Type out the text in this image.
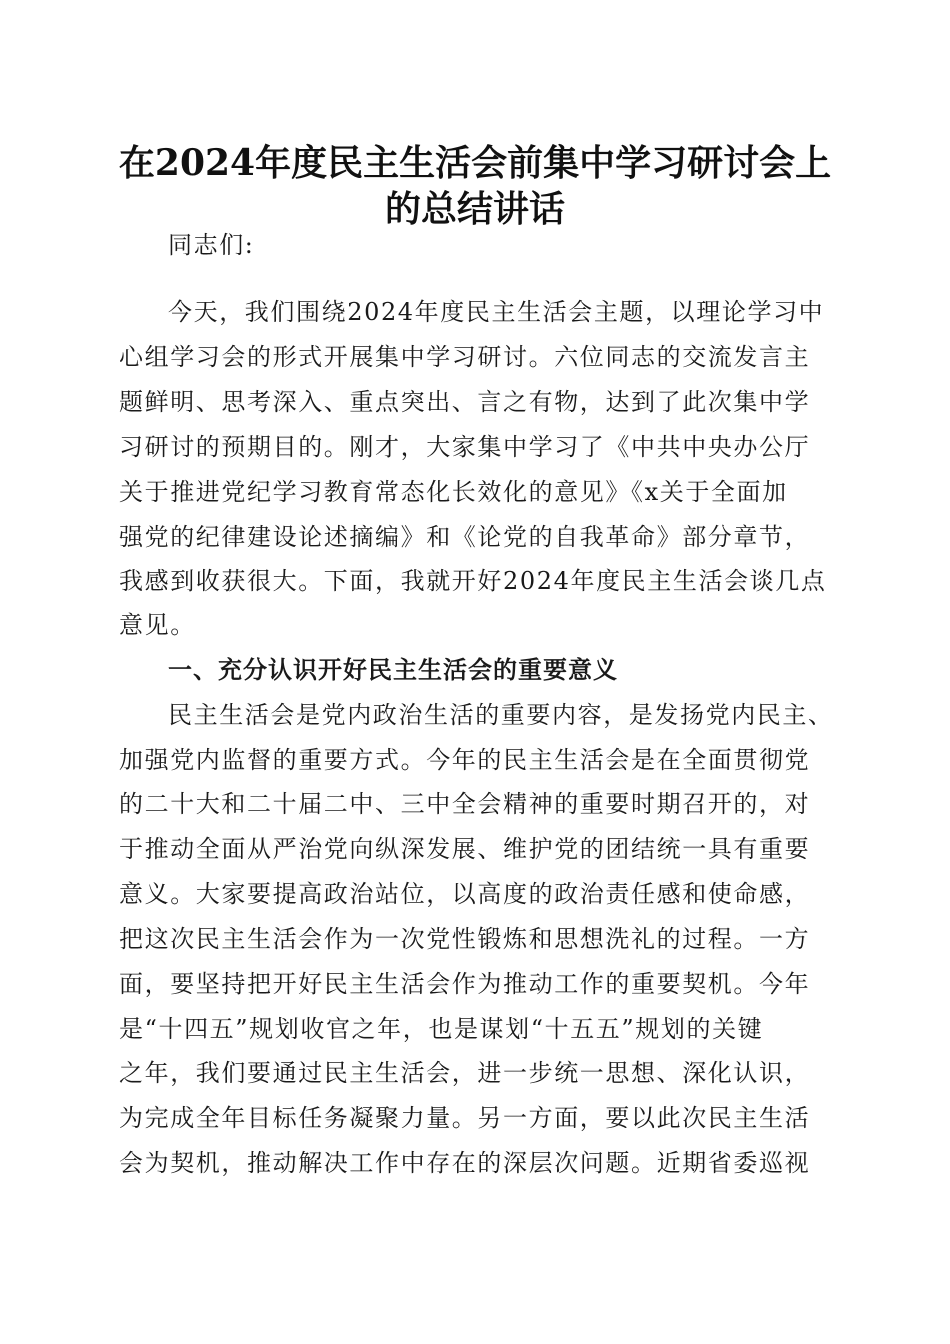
在2024年度民主生活会前集中学习研讨会上
的总结讲话
同志们:
今天，我们围绕2024年度民主生活会主题，以理论学习中
心组学习会的形式开展集中学习研讨。六位同志的交流发言主
题鲜明、思考深入、重点突出、言之有物，达到了此次集中学
习研讨的预期目的。刚才，大家集中学习了《中共中央办公厅
关于推进党纪学习教育常态化长效化的意见》《x关于全面加
强党的纪律建设论述摘编》和《论党的自我革命》部分章节，
我感到收获很大。下面，我就开好2024年度民主生活会谈几点
意见。
一、充分认识开好民主生活会的重要意义
民主生活会是党内政治生活的重要内容，是发扬党内民主、
加强党内监督的重要方式。今年的民主生活会是在全面贯彻党
的二十大和二十届二中、三中全会精神的重要时期召开的，对
于推动全面从严治党向纵深发展、维护党的团结统一具有重要
意义。大家要提高政治站位，以高度的政治责任感和使命感，
把这次民主生活会作为一次党性锻炼和思想洗礼的过程。一方
面，要坚持把开好民主生活会作为推动工作的重要契机。今年
是“十四五”规划收官之年，也是谋划“十五五”规划的关键
之年，我们要通过民主生活会，进一步统一思想、深化认识，
为完成全年目标任务凝聚力量。另一方面，要以此次民主生活
会为契机，推动解决工作中存在的深层次问题。近期省委巡视
